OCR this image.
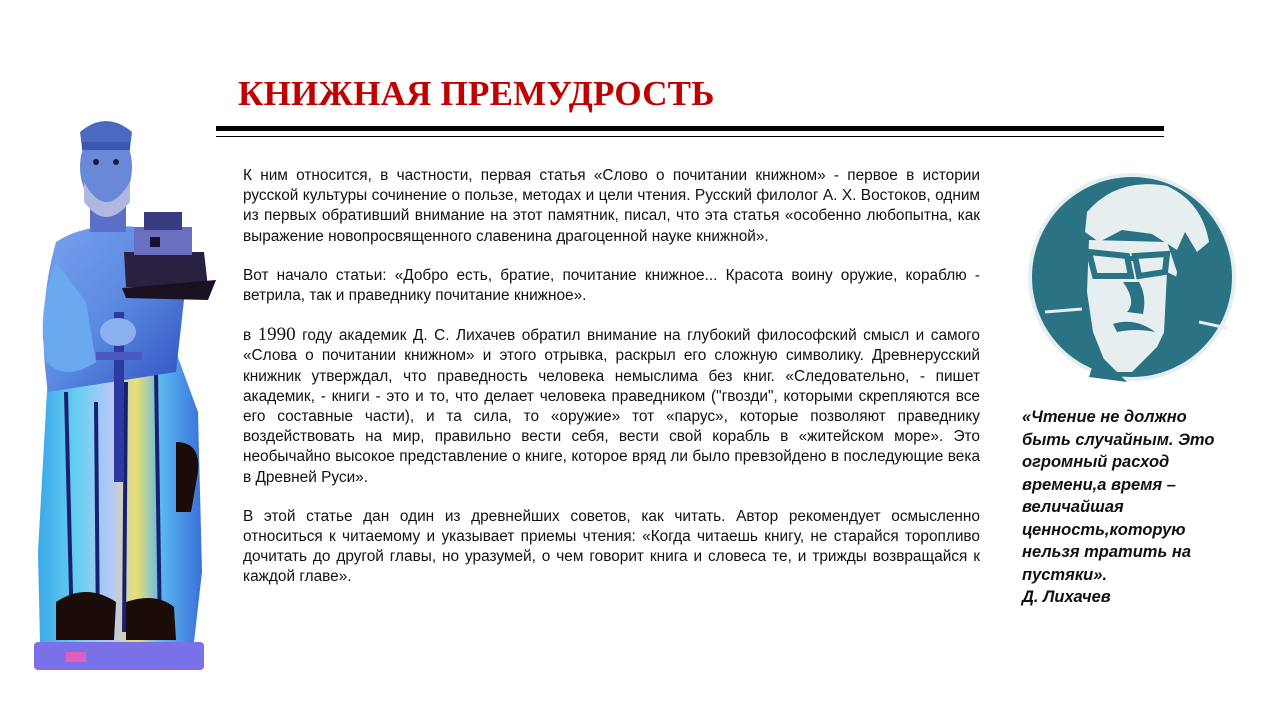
КНИЖНАЯ ПРЕМУДРОСТЬ

К ним относится, в частности, первая статья «Слово о почитании книжном» - первое в истории русской культуры сочинение о пользе, методах и цели чтения. Русский филолог А. Х. Востоков, одним из первых обративший внимание на этот памятник, писал, что эта статья «особенно любопытна, как выражение новопросвященного славенина драгоценной науке книжной».

Вот начало статьи: «Добро есть, братие, почитание книжное... Красота воину оружие, кораблю - ветрила, так и праведнику почитание книжное».

в 1990 году академик Д. С. Лихачев обратил внимание на глубокий философский смысл и самого «Слова о почитании книжном» и этого отрывка, раскрыл его сложную символику. Древнерусский книжник утверждал, что праведность человека немыслима без книг. «Следовательно, - пишет академик, - книги - это и то, что делает человека праведником ("гвозди", которыми скрепляются все его составные части), и та сила, то «оружие» тот «парус», которые позволяют праведнику воздействовать на мир, правильно вести себя, вести свой корабль в «житейском море». Это необычайно высокое представление о книге, которое вряд ли было превзойдено в последующие века в Древней Руси».

В этой статье дан один из древнейших советов, как читать. Автор рекомендует осмысленно относиться к читаемому и указывает приемы чтения: «Когда читаешь книгу, не старайся торопливо дочитать до другой главы, но уразумей, о чем говорит книга и словеса те, и трижды возвращайся к каждой главе».

«Чтение не должно быть случайным. Это огромный расход времени,а время – величайшая ценность,которую нельзя тратить на пустяки».
Д. Лихачев
